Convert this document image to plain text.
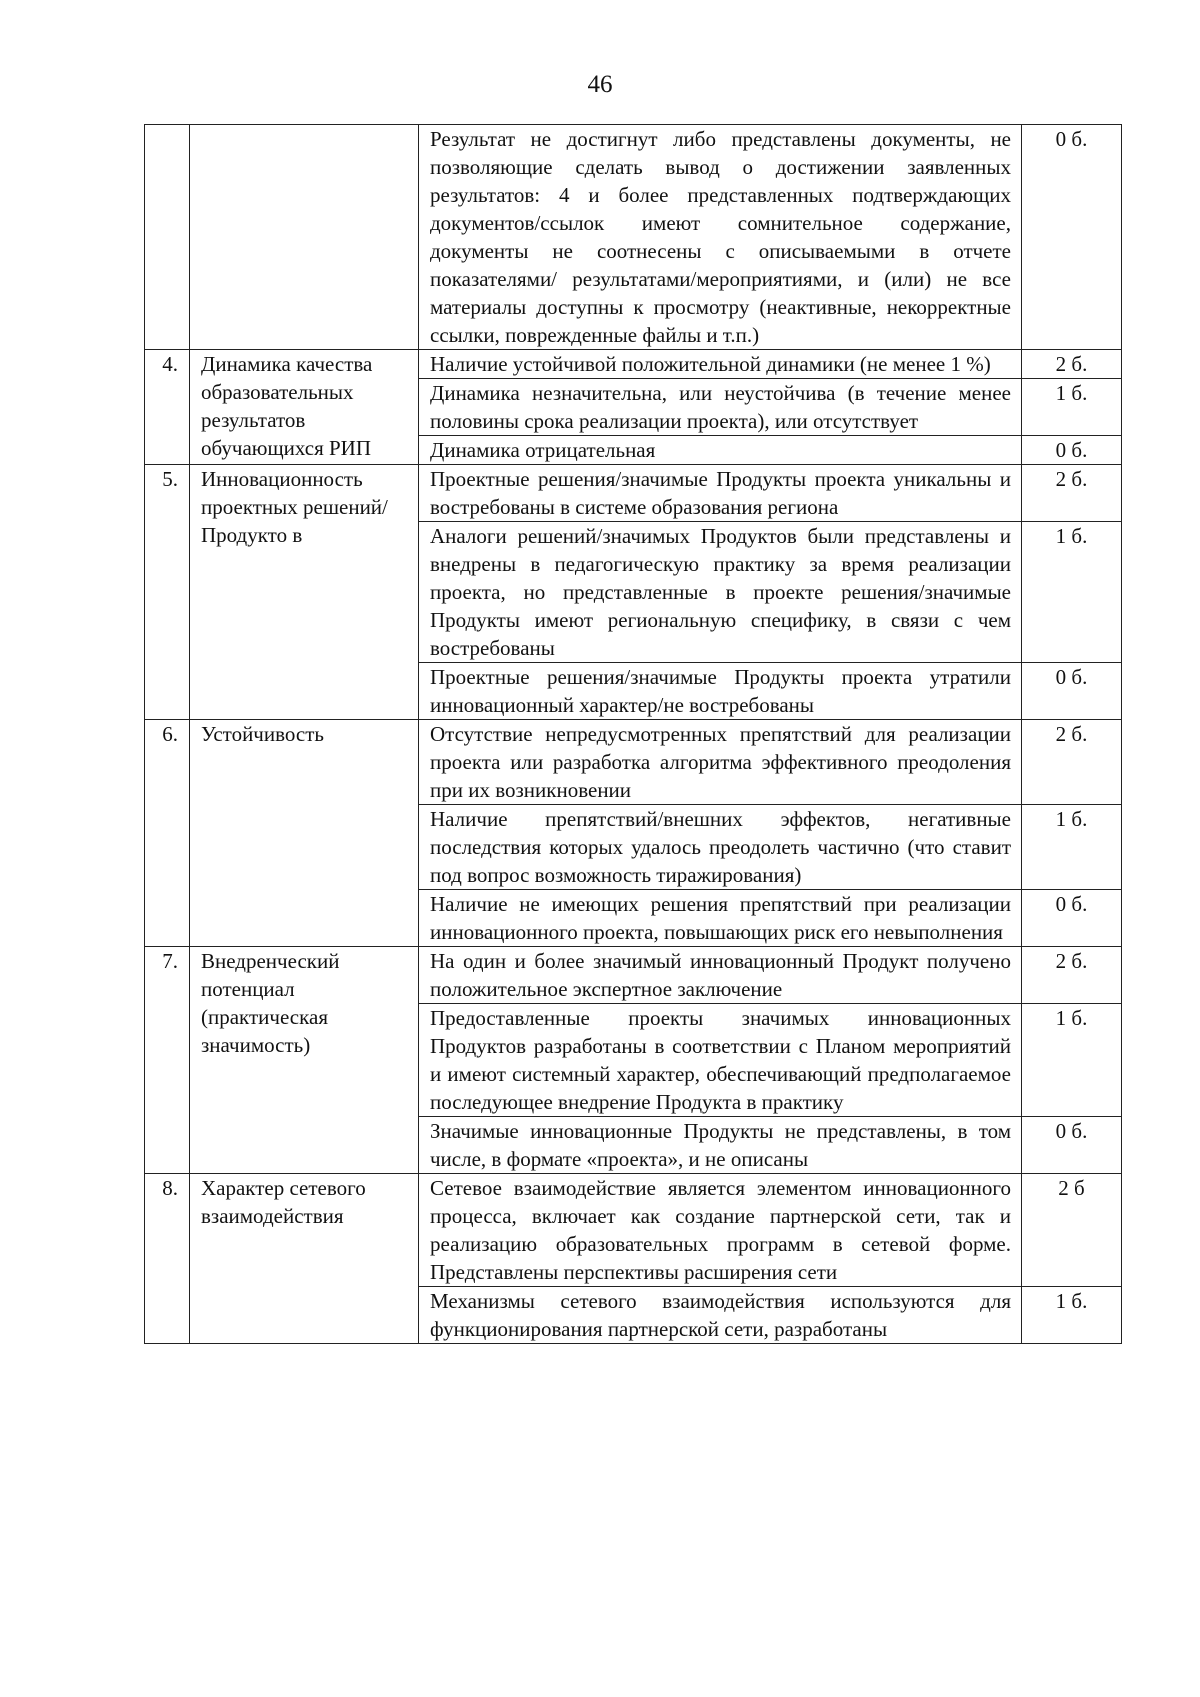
46
		Результат не достигнут либо представлены документы, не позволяющие сделать вывод о достижении заявленных результатов: 4 и более представленных подтверждающих документов/ссылок имеют сомнительное содержание, документы не соотнесены с описываемыми в отчете показателями/ результатами/мероприятиями, и (или) не все материалы доступны к просмотру (неактивные, некорректные ссылки, поврежденные файлы и т.п.)	0 б.
4.	Динамика качества образовательных результатов обучающихся РИП	Наличие устойчивой положительной динамики (не менее 1 %)	2 б.
		Динамика незначительна, или неустойчива (в течение менее половины срока реализации проекта), или отсутствует	1 б.
		Динамика отрицательная	0 б.
5.	Инновационность проектных решений/Продукто в	Проектные решения/значимые Продукты проекта уникальны и востребованы в системе образования региона	2 б.
		Аналоги решений/значимых Продуктов были представлены и внедрены в педагогическую практику за время реализации проекта, но представленные в проекте решения/значимые Продукты имеют региональную специфику, в связи с чем востребованы	1 б.
		Проектные решения/значимые Продукты проекта утратили инновационный характер/не востребованы	0 б.
6.	Устойчивость	Отсутствие непредусмотренных препятствий для реализации проекта или разработка алгоритма эффективного преодоления при их возникновении	2 б.
		Наличие препятствий/внешних эффектов, негативные последствия которых удалось преодолеть частично (что ставит под вопрос возможность тиражирования)	1 б.
		Наличие не имеющих решения препятствий при реализации инновационного проекта, повышающих риск его невыполнения	0 б.
7.	Внедренческий потенциал (практическая значимость)	На один и более значимый инновационный Продукт получено положительное экспертное заключение	2 б.
		Предоставленные проекты значимых инновационных Продуктов разработаны в соответствии с Планом мероприятий и имеют системный характер, обеспечивающий предполагаемое последующее внедрение Продукта в практику	1 б.
		Значимые инновационные Продукты не представлены, в том числе, в формате «проекта», и не описаны	0 б.
8.	Характер сетевого взаимодействия	Сетевое взаимодействие является элементом инновационного процесса, включает как создание партнерской сети, так и реализацию образовательных программ в сетевой форме. Представлены перспективы расширения сети	2 б
		Механизмы сетевого взаимодействия используются для функционирования партнерской сети, разработаны	1 б.
